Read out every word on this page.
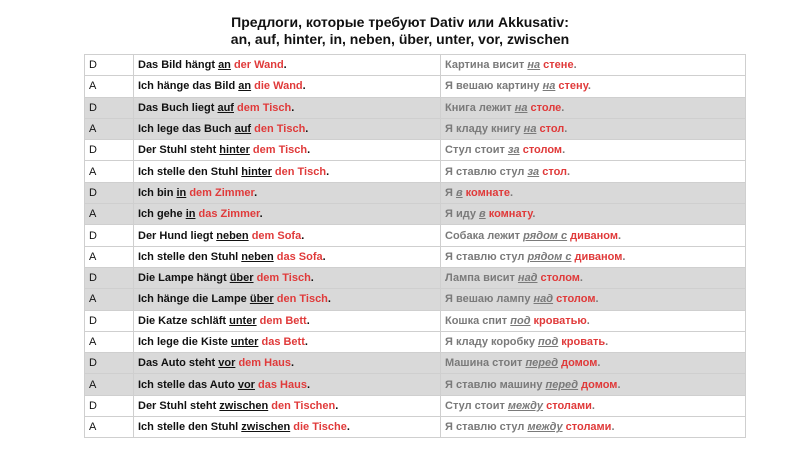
Предлоги, которые требуют Dativ или Akkusativ:
an, auf, hinter, in, neben, über, unter, vor, zwischen
D	Das Bild hängt an der Wand.	Картина висит на стене.
A	Ich hänge das Bild an die Wand.	Я вешаю картину на стену.
D	Das Buch liegt auf dem Tisch.	Книга лежит на столе.
A	Ich lege das Buch auf den Tisch.	Я кладу книгу на стол.
D	Der Stuhl steht hinter dem Tisch.	Стул стоит за столом.
A	Ich stelle den Stuhl hinter den Tisch.	Я ставлю стул за стол.
D	Ich bin in dem Zimmer.	Я в комнате.
A	Ich gehe in das Zimmer.	Я иду в комнату.
D	Der Hund liegt neben dem Sofa.	Собака лежит рядом с диваном.
A	Ich stelle den Stuhl neben das Sofa.	Я ставлю стул рядом с диваном.
D	Die Lampe hängt über dem Tisch.	Лампа висит над столом.
A	Ich hänge die Lampe über den Tisch.	Я вешаю лампу над столом.
D	Die Katze schläft unter dem Bett.	Кошка спит под кроватью.
A	Ich lege die Kiste unter das Bett.	Я кладу коробку под кровать.
D	Das Auto steht vor dem Haus.	Машина стоит перед домом.
A	Ich stelle das Auto vor das Haus.	Я ставлю машину перед домом.
D	Der Stuhl steht zwischen den Tischen.	Стул стоит между столами.
A	Ich stelle den Stuhl zwischen die Tische.	Я ставлю стул между столами.
